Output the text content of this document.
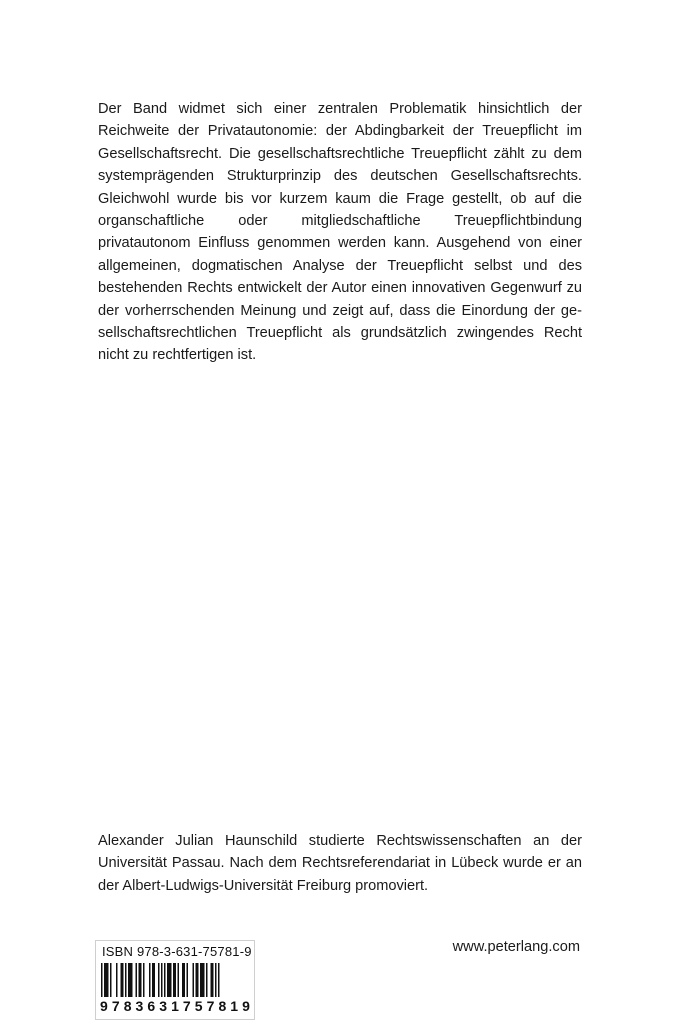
Der Band widmet sich einer zentralen Problematik hinsichtlich der Reichweite der Privatautonomie: der Abdingbarkeit der Treuepflicht im Gesellschaftsrecht. Die gesellschaftsrechtliche Treuepflicht zählt zu dem systemprägenden Strukturprinzip des deutschen Gesellschaftsrechts. Gleichwohl wurde bis vor kurzem kaum die Frage gestellt, ob auf die organschaftliche oder mitgliedschaftliche Treuepflichtbindung privatautonom Einfluss genommen werden kann. Ausgehend von einer allgemeinen, dogmatischen Analyse der Treuepflicht selbst und des bestehenden Rechts entwickelt der Autor einen innovativen Gegenwurf zu der vorherrschenden Meinung und zeigt auf, dass die Einordung der gesellschaftsrechtlichen Treuepflicht als grundsätzlich zwingendes Recht nicht zu rechtfertigen ist.

Alexander Julian Haunschild studierte Rechtswissenschaften an der Universität Passau. Nach dem Rechtsreferendariat in Lübeck wurde er an der Albert-Ludwigs-Universität Freiburg promoviert.

ISBN 978-3-631-75781-9
9 7 8 3 6 3 1 7 5 7 8 1 9
www.peterlang.com
